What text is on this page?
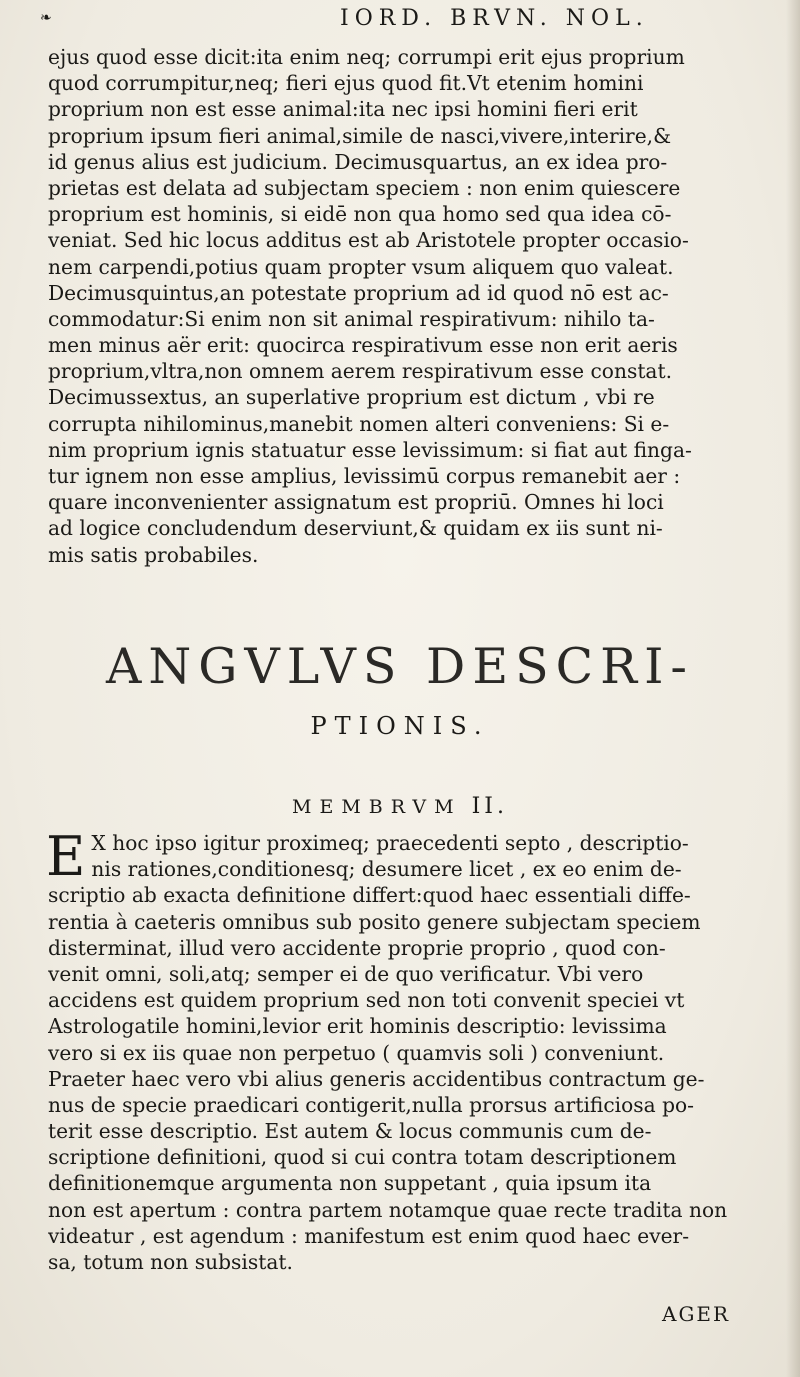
❧	IORD. BRVN. NOL.
ejus quod esse dicit:ita enim neq; corrumpi erit ejus proprium
quod corrumpitur,neq; fieri ejus quod fit.Vt etenim homini
proprium non est esse animal:ita nec ipsi homini fieri erit
proprium ipsum fieri animal,simile de nasci,vivere,interire,&
id genus alius est judicium. Decimusquartus, an ex idea pro-
prietas est delata ad subjectam speciem : non enim quiescere
proprium est hominis, si eidē non qua homo sed qua idea cō-
veniat. Sed hic locus additus est ab Aristotele propter occasio-
nem carpendi,potius quam propter vsum aliquem quo valeat.
Decimusquintus,an potestate proprium ad id quod nō est ac-
commodatur:Si enim non sit animal respirativum: nihilo ta-
men minus aër erit: quocirca respirativum esse non erit aeris
proprium,vltra,non omnem aerem respirativum esse constat.
Decimussextus, an superlative proprium est dictum , vbi re
corrupta nihilominus,manebit nomen alteri conveniens: Si e-
nim proprium ignis statuatur esse levissimum: si fiat aut finga-
tur ignem non esse amplius, levissimū corpus remanebit aer :
quare inconvenienter assignatum est propriū. Omnes hi loci
ad logice concludendum deserviunt,& quidam ex iis sunt ni-
mis satis probabiles.
ANGVLVS DESCRI-
PTIONIS.
MEMBRVM II.
E X hoc ipso igitur proximeq; praecedenti septo , descriptio-
nis rationes,conditionesq; desumere licet , ex eo enim de-
scriptio ab exacta definitione differt:quod haec essentiali diffe-
rentia à caeteris omnibus sub posito genere subjectam speciem
disterminat, illud vero accidente proprie proprio , quod con-
venit omni, soli,atq; semper ei de quo verificatur. Vbi vero
accidens est quidem proprium sed non toti convenit speciei vt
Astrologatile homini,levior erit hominis descriptio: levissima
vero si ex iis quae non perpetuo ( quamvis soli ) conveniunt.
Praeter haec vero vbi alius generis accidentibus contractum ge-
nus de specie praedicari contigerit,nulla prorsus artificiosa po-
terit esse descriptio. Est autem & locus communis cum de-
scriptione definitioni, quod si cui contra totam descriptionem
definitionemque argumenta non suppetant , quia ipsum ita
non est apertum : contra partem notamque quae recte tradita non
videatur , est agendum : manifestum est enim quod haec ever-
sa, totum non subsistat.
AGER
